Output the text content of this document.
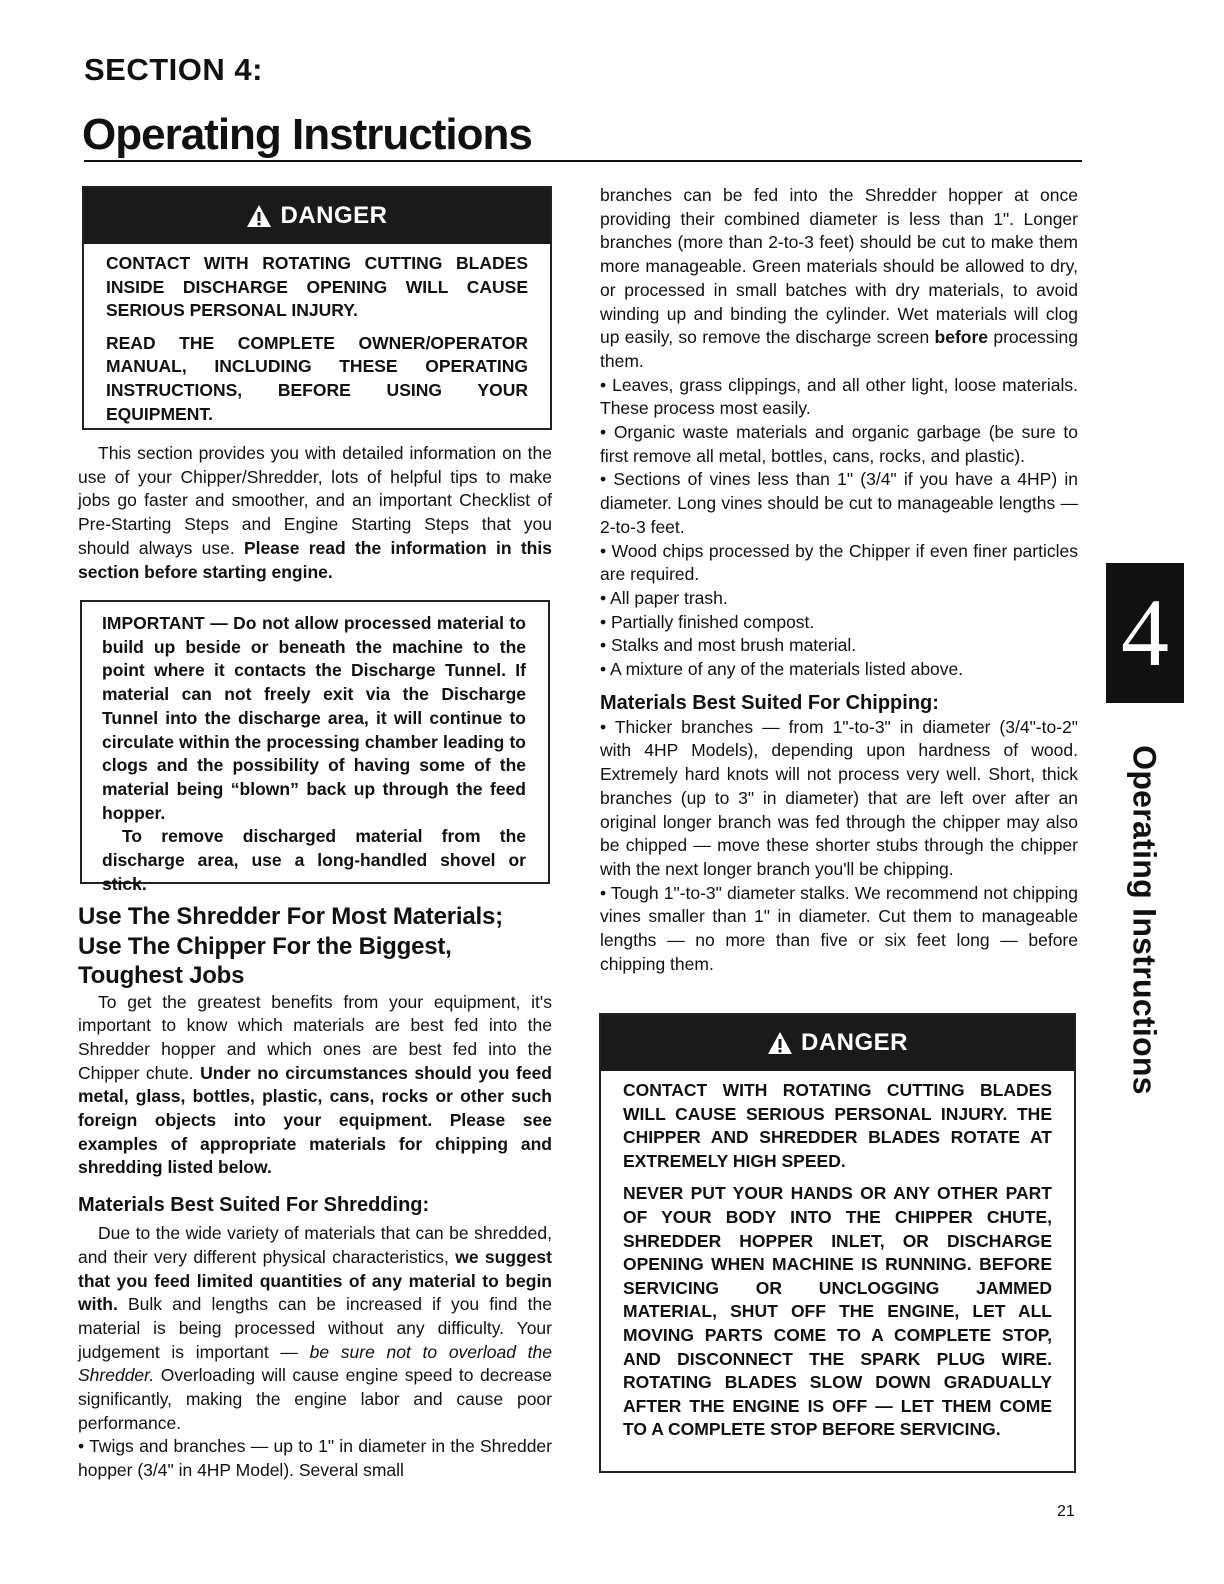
SECTION 4:
Operating Instructions
DANGER

CONTACT WITH ROTATING CUTTING BLADES INSIDE DISCHARGE OPENING WILL CAUSE SERIOUS PERSONAL INJURY.

READ THE COMPLETE OWNER/OPERATOR MANUAL, INCLUDING THESE OPERATING INSTRUCTIONS, BEFORE USING YOUR EQUIPMENT.

This section provides you with detailed information on the use of your Chipper/Shredder, lots of helpful tips to make jobs go faster and smoother, and an important Checklist of Pre-Starting Steps and Engine Starting Steps that you should always use. Please read the information in this section before starting engine.

IMPORTANT — Do not allow processed material to build up beside or beneath the machine to the point where it contacts the Discharge Tunnel. If material can not freely exit via the Discharge Tunnel into the discharge area, it will continue to circulate within the processing chamber leading to clogs and the possibility of having some of the material being “blown” back up through the feed hopper.

To remove discharged material from the discharge area, use a long-handled shovel or stick.

Use The Shredder For Most Materials; Use The Chipper For the Biggest, Toughest Jobs

To get the greatest benefits from your equipment, it's important to know which materials are best fed into the Shredder hopper and which ones are best fed into the Chipper chute. Under no circumstances should you feed metal, glass, bottles, plastic, cans, rocks or other such foreign objects into your equipment. Please see examples of appropriate materials for chipping and shredding listed below.

Materials Best Suited For Shredding:

Due to the wide variety of materials that can be shredded, and their very different physical characteristics, we suggest that you feed limited quantities of any material to begin with. Bulk and lengths can be increased if you find the material is being processed without any difficulty. Your judgement is important — be sure not to overload the Shredder. Overloading will cause engine speed to decrease significantly, making the engine labor and cause poor performance.

• Twigs and branches — up to 1" in diameter in the Shredder hopper (3/4" in 4HP Model). Several small

branches can be fed into the Shredder hopper at once providing their combined diameter is less than 1". Longer branches (more than 2-to-3 feet) should be cut to make them more manageable. Green materials should be allowed to dry, or processed in small batches with dry materials, to avoid winding up and binding the cylinder. Wet materials will clog up easily, so remove the discharge screen before processing them.

• Leaves, grass clippings, and all other light, loose materials. These process most easily.

• Organic waste materials and organic garbage (be sure to first remove all metal, bottles, cans, rocks, and plastic).

• Sections of vines less than 1" (3/4" if you have a 4HP) in diameter. Long vines should be cut to manageable lengths — 2-to-3 feet.

• Wood chips processed by the Chipper if even finer particles are required.

• All paper trash.

• Partially finished compost.

• Stalks and most brush material.

• A mixture of any of the materials listed above.

Materials Best Suited For Chipping:

• Thicker branches — from 1"-to-3" in diameter (3/4"-to-2" with 4HP Models), depending upon hardness of wood. Extremely hard knots will not process very well. Short, thick branches (up to 3" in diameter) that are left over after an original longer branch was fed through the chipper may also be chipped — move these shorter stubs through the chipper with the next longer branch you'll be chipping.

• Tough 1"-to-3" diameter stalks. We recommend not chipping vines smaller than 1" in diameter. Cut them to manageable lengths — no more than five or six feet long — before chipping them.

DANGER

CONTACT WITH ROTATING CUTTING BLADES WILL CAUSE SERIOUS PERSONAL INJURY. THE CHIPPER AND SHREDDER BLADES ROTATE AT EXTREMELY HIGH SPEED.

NEVER PUT YOUR HANDS OR ANY OTHER PART OF YOUR BODY INTO THE CHIPPER CHUTE, SHREDDER HOPPER INLET, OR DISCHARGE OPENING WHEN MACHINE IS RUNNING. BEFORE SERVICING OR UNCLOGGING JAMMED MATERIAL, SHUT OFF THE ENGINE, LET ALL MOVING PARTS COME TO A COMPLETE STOP, AND DISCONNECT THE SPARK PLUG WIRE. ROTATING BLADES SLOW DOWN GRADUALLY AFTER THE ENGINE IS OFF — LET THEM COME TO A COMPLETE STOP BEFORE SERVICING.

4
Operating Instructions
21
